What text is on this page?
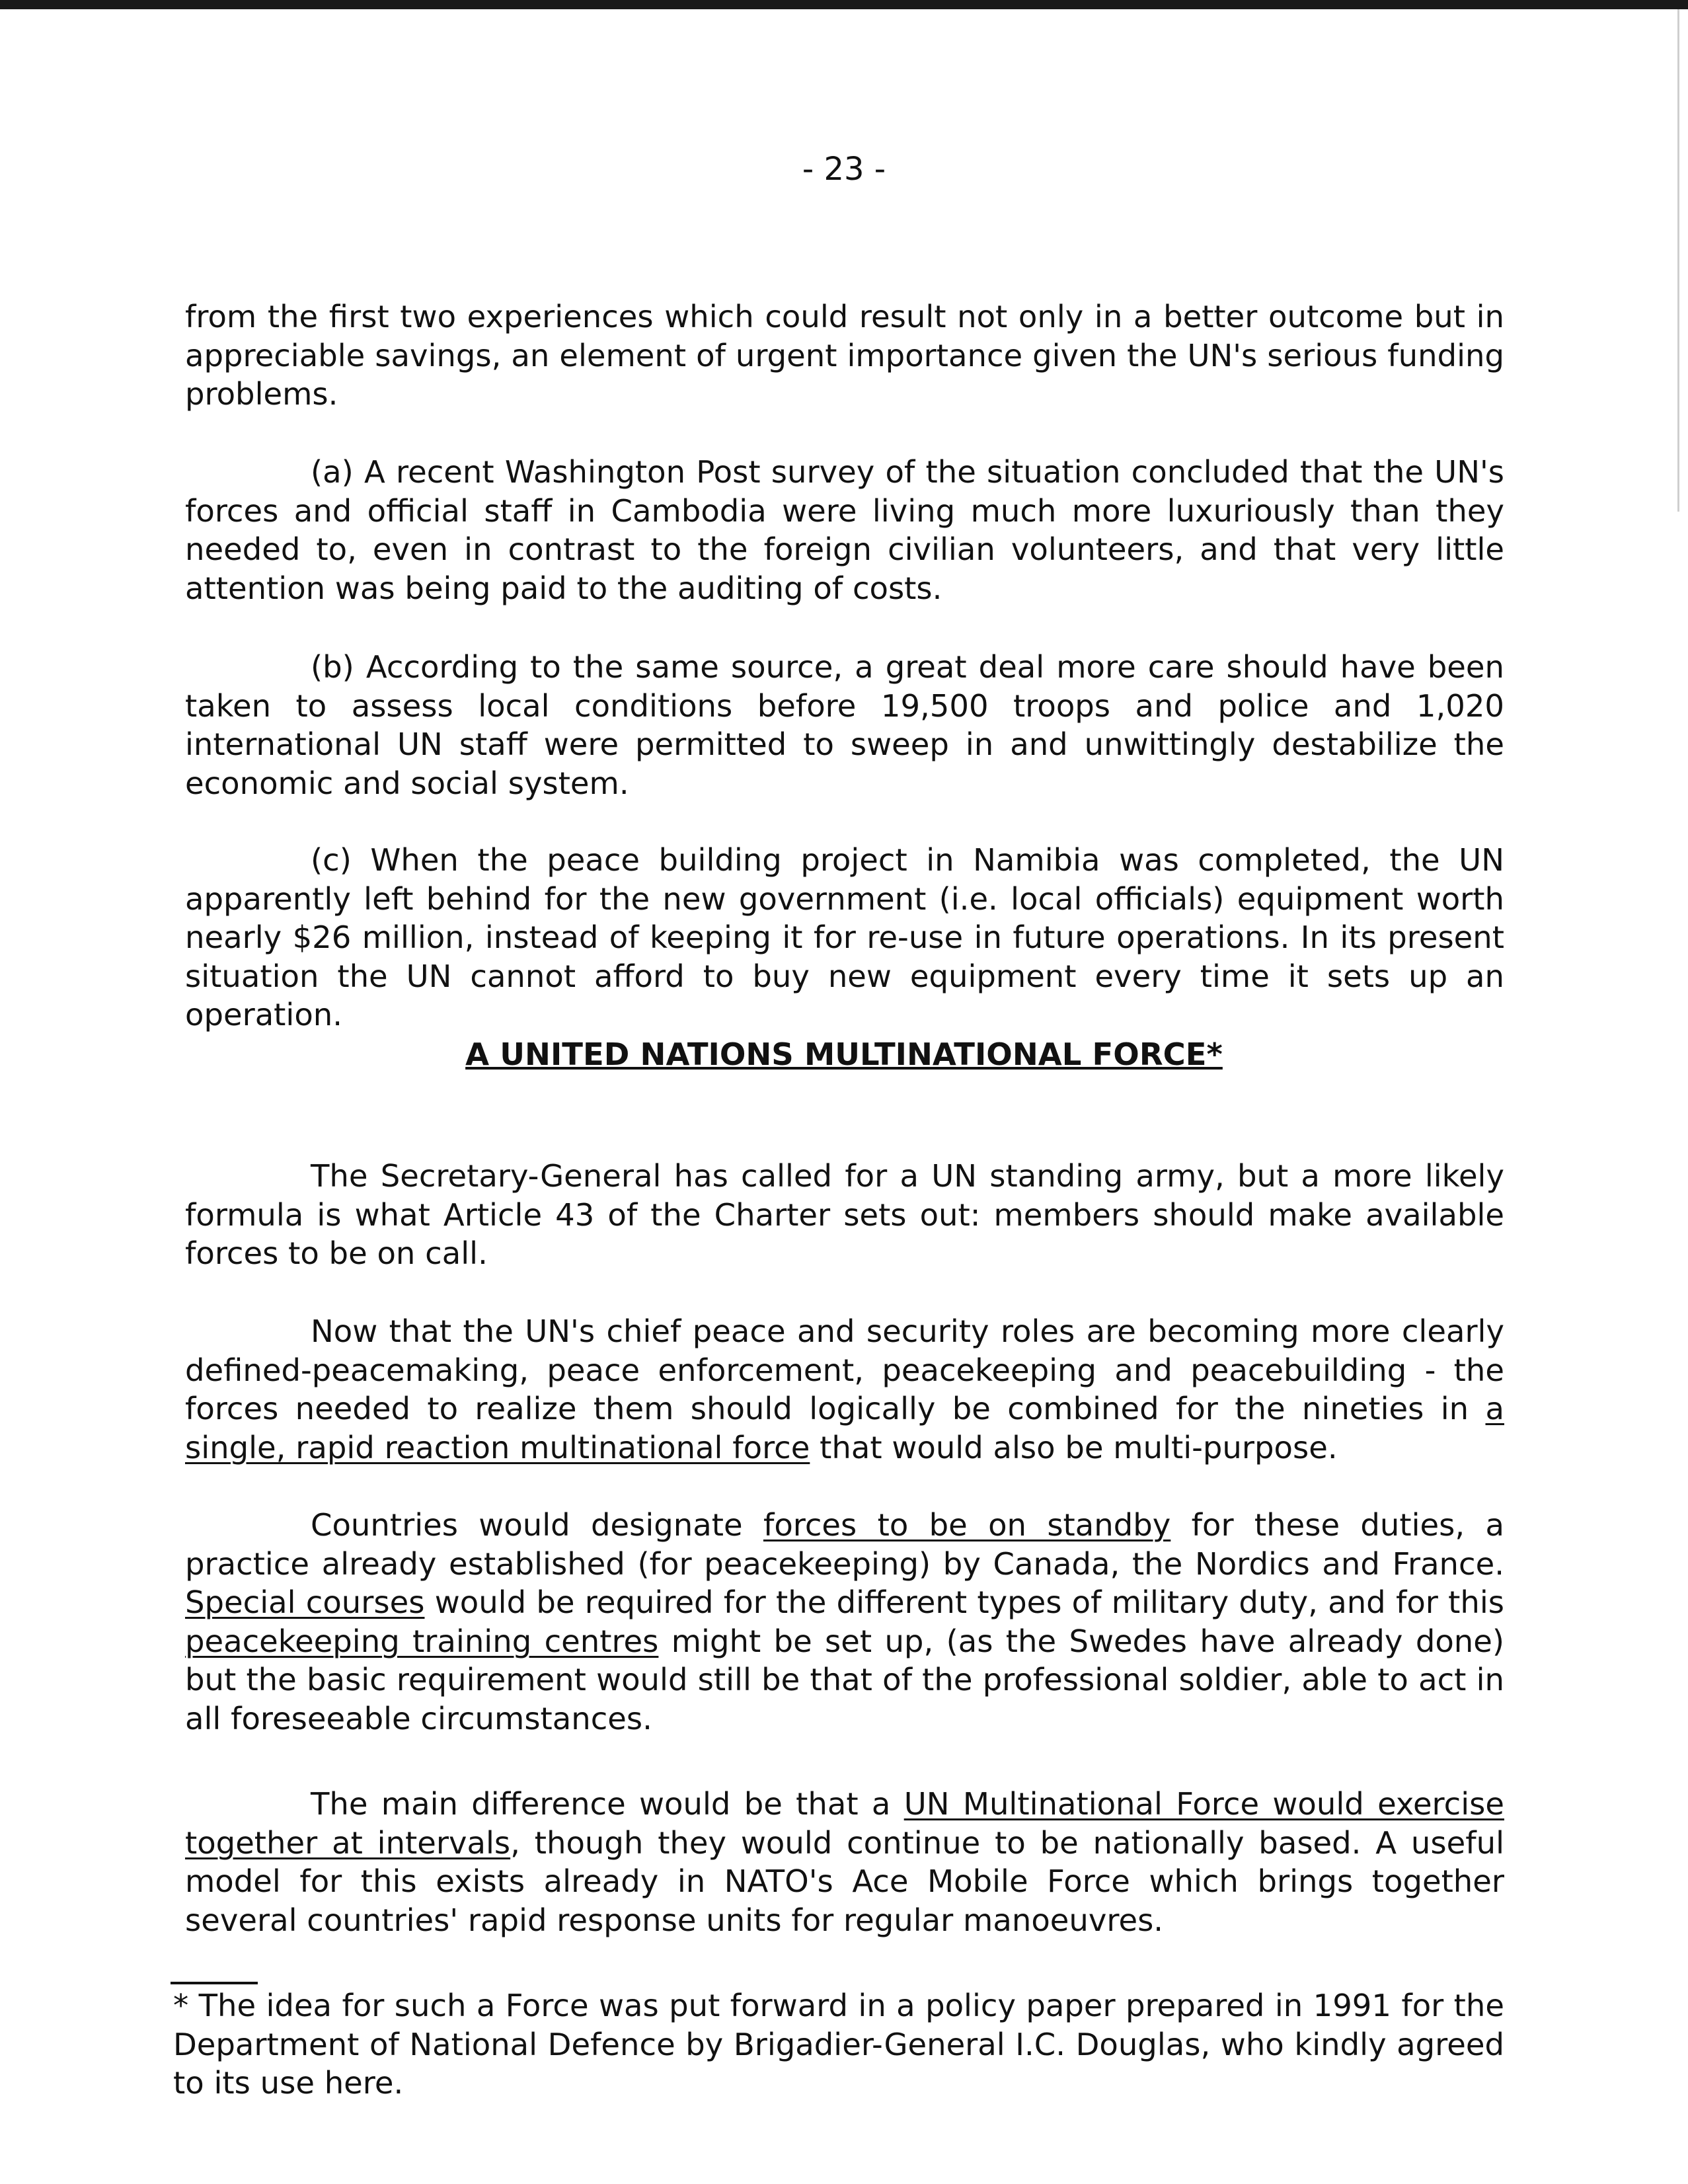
- 23 -

from the first two experiences which could result not only in a better outcome but in appreciable savings, an element of urgent importance given the UN's serious funding problems.

(a) A recent Washington Post survey of the situation concluded that the UN's forces and official staff in Cambodia were living much more luxuriously than they needed to, even in contrast to the foreign civilian volunteers, and that very little attention was being paid to the auditing of costs.

(b) According to the same source, a great deal more care should have been taken to assess local conditions before 19,500 troops and police and 1,020 international UN staff were permitted to sweep in and unwittingly destabilize the economic and social system.

(c) When the peace building project in Namibia was completed, the UN apparently left behind for the new government (i.e. local officials) equipment worth nearly $26 million, instead of keeping it for re-use in future operations. In its present situation the UN cannot afford to buy new equipment every time it sets up an operation.

A UNITED NATIONS MULTINATIONAL FORCE*

The Secretary-General has called for a UN standing army, but a more likely formula is what Article 43 of the Charter sets out: members should make available forces to be on call.

Now that the UN's chief peace and security roles are becoming more clearly defined-peacemaking, peace enforcement, peacekeeping and peacebuilding - the forces needed to realize them should logically be combined for the nineties in a single, rapid reaction multinational force that would also be multi-purpose.

Countries would designate forces to be on standby for these duties, a practice already established (for peacekeeping) by Canada, the Nordics and France. Special courses would be required for the different types of military duty, and for this peacekeeping training centres might be set up, (as the Swedes have already done) but the basic requirement would still be that of the professional soldier, able to act in all foreseeable circumstances.

The main difference would be that a UN Multinational Force would exercise together at intervals, though they would continue to be nationally based. A useful model for this exists already in NATO's Ace Mobile Force which brings together several countries' rapid response units for regular manoeuvres.

* The idea for such a Force was put forward in a policy paper prepared in 1991 for the Department of National Defence by Brigadier-General I.C. Douglas, who kindly agreed to its use here.
